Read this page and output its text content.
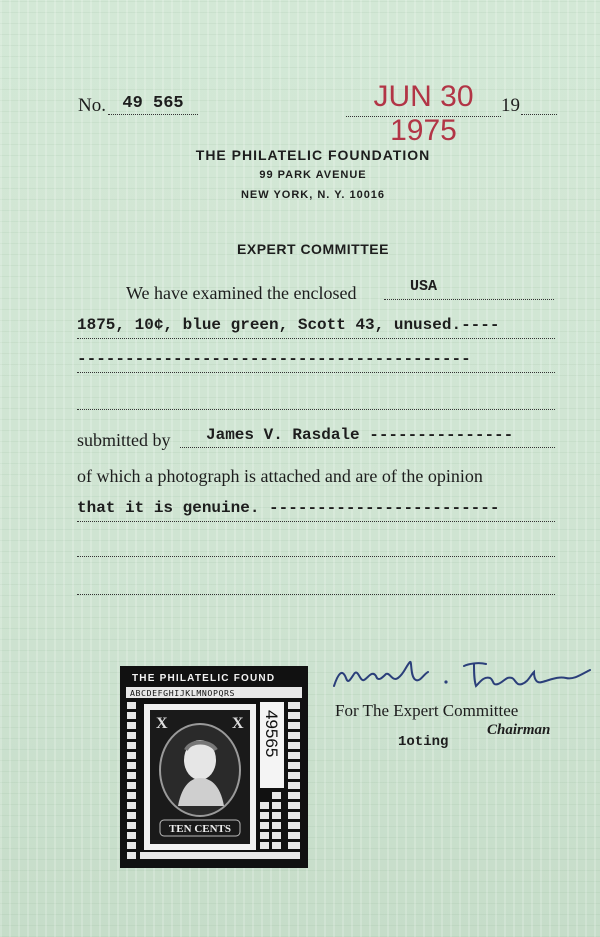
No. 49 565	JUN 30 1975
19
THE PHILATELIC FOUNDATION
99 PARK AVENUE
NEW YORK, N. Y. 10016
EXPERT COMMITTEE
We have examined the enclosed	USA
1875, 10¢, blue green, Scott 43, unused.----
-----------------------------------------
submitted by James V. Rasdale ---------------
of which a photograph is attached and are of the opinion
that it is genuine. ------------------------
For The Expert Committee
Chairman
1oting
THE PHILATELIC FOUND
ABCDEFGHIJKLMNOPQRS
49565
X	X
TEN CENTS
